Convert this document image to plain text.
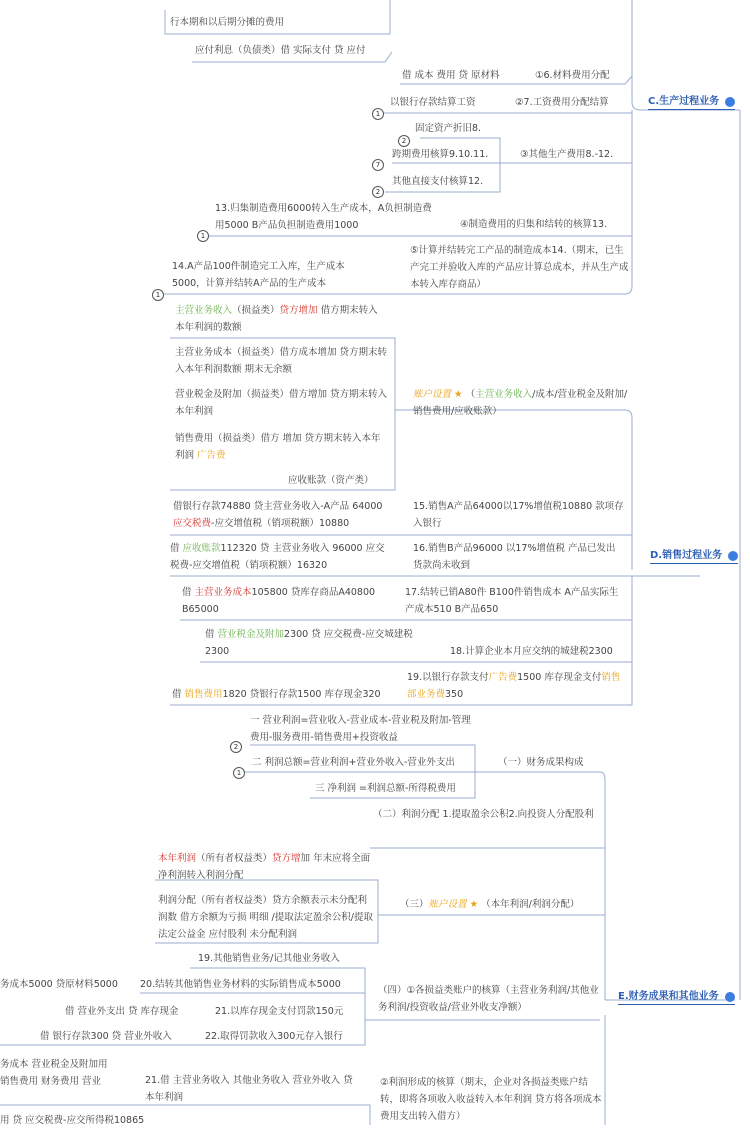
行本期和以后期分摊的费用
应付利息（负债类）借 实际支付 贷 应付
借 成本 费用 贷 原材料	①6.材料费用分配
以银行存款结算工资	②7.工资费用分配结算	C.生产过程业务
固定资产折旧8.
跨期费用核算9.10.11.	③其他生产费用8.-12.
其他直接支付核算12.
13.归集制造费用6000转入生产成本，A负担制造费用5000 B产品负担制造费用1000	④制造费用的归集和结转的核算13.
14.A产品100件制造完工入库，生产成本5000，计算并结转A产品的生产成本
⑤计算并结转完工产品的制造成本14.（期末，已生产完工并验收入库的产品应计算总成本，并从生产成本转入库存商品）
主营业务收入（损益类）贷方增加 借方期末转入本年利润的数额
主营业务成本（损益类）借方成本增加 贷方期末转入本年利润数额 期末无余额
营业税金及附加（损益类）借方增加 贷方期末转入本年利润
销售费用（损益类）借方 增加 贷方期末转入本年利润 广告费
应收账款（资产类）
账户设置 ★ （主营业务收入/成本/营业税金及附加/销售费用/应收账款）
借银行存款74880 贷主营业务收入-A产品 64000 应交税费-应交增值税（销项税额）10880
15.销售A产品64000以17%增值税10880 款项存入银行
借 应收账款112320 贷 主营业务收入 96000 应交税费-应交增值税（销项税额）16320
16.销售B产品96000 以17%增值税 产品已发出 货款尚未收到
D.销售过程业务
借 主营业务成本105800 贷库存商品A40800 B65000
17.结转已销A80件 B100件销售成本 A产品实际生产成本510 B产品650
借 营业税金及附加2300 贷 应交税费-应交城建税 2300	18.计算企业本月应交纳的城建税2300
借 销售费用1820 贷银行存款1500 库存现金320
19.以银行存款支付广告费1500 库存现金支付销售部业务费350
一 营业利润=营业收入-营业成本-营业税及附加-管理费用-服务费用-销售费用+投资收益
二 利润总额=营业利润+营业外收入-营业外支出	（一）财务成果构成
三 净利润 =利润总额-所得税费用
（二）利润分配 1.提取盈余公积2.向投资人分配股利
本年利润（所有者权益类）贷方增加 年末应将全面净利润转入利润分配
利润分配（所有者权益类）贷方余额表示未分配利润数 借方余额为亏损 明细 /提取法定盈余公积/提取法定公益金 应付股利 未分配利润
（三）账户设置 ★ （本年利润/利润分配）
19.其他销售业务/记其他业务收入
务成本5000 贷原材料5000 20.结转其他销售业务材料的实际销售成本5000
借 营业外支出 贷 库存现金	21.以库存现金支付罚款150元
借 银行存款300 贷 营业外收入	22.取得罚款收入300元存入银行
务成本 营业税金及附加用 销售费用 财务费用 营业	21.借 主营业务收入 其他业务收入 营业外收入 贷 本年利润
用 贷 应交税费-应交所得税10865
（四）①各损益类账户的核算（主营业务利润/其他业务利润/投资收益/营业外收支净额）
②利润形成的核算（期末，企业对各损益类账户结转，即将各项收入收益转入本年利润 贷方将各项成本费用支出转入借方）
E.财务成果和其他业务
1
2
7
2
1
1
2
1
